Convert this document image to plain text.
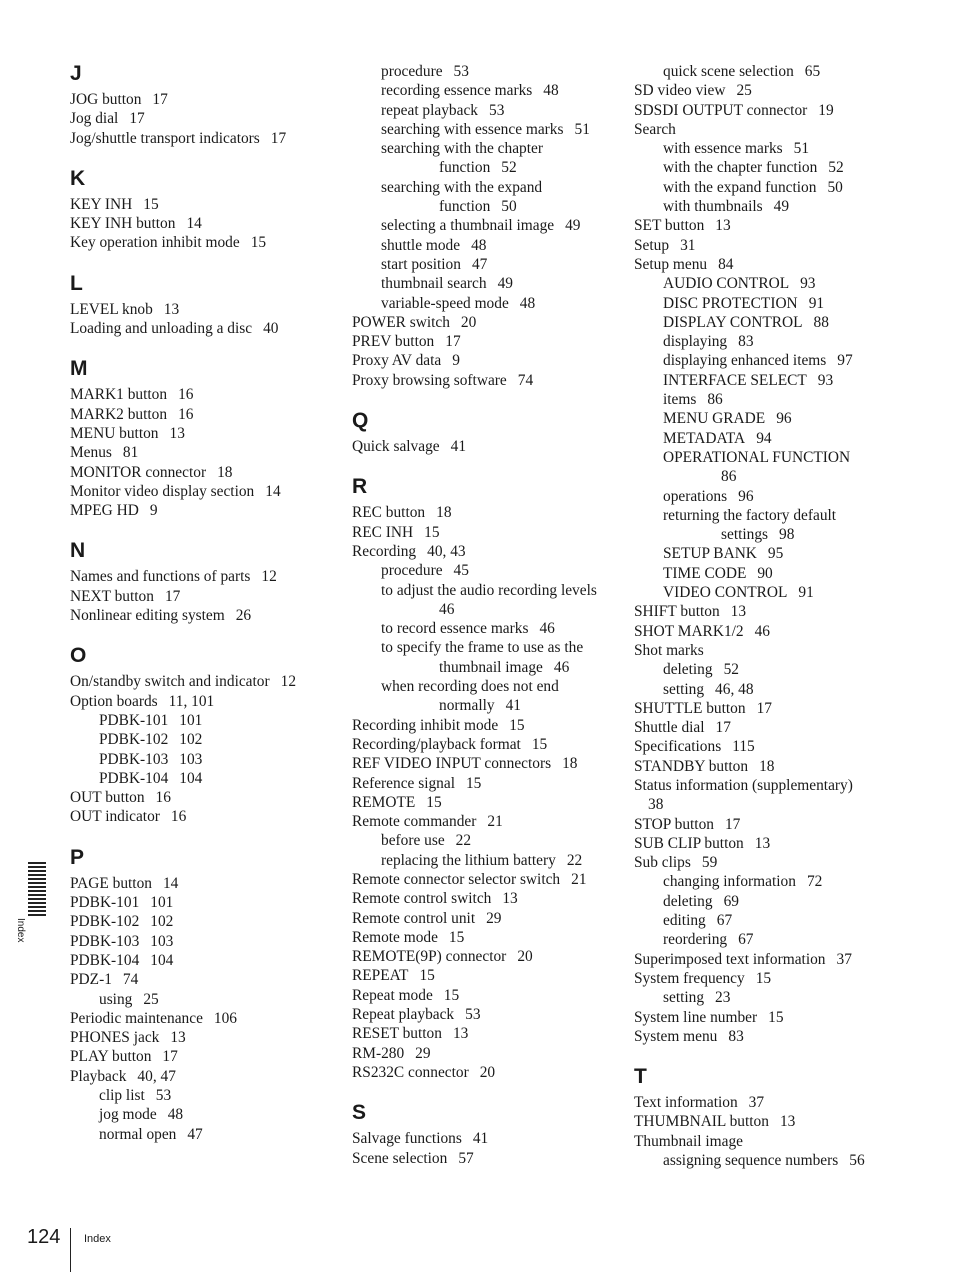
J
JOG button 17
Jog dial 17
Jog/shuttle transport indicators 17
K
KEY INH 15
KEY INH button 14
Key operation inhibit mode 15
L
LEVEL knob 13
Loading and unloading a disc 40
M
MARK1 button 16
MARK2 button 16
MENU button 13
Menus 81
MONITOR connector 18
Monitor video display section 14
MPEG HD 9
N
Names and functions of parts 12
NEXT button 17
Nonlinear editing system 26
O
On/standby switch and indicator 12
Option boards 11, 101
PDBK-101 101
PDBK-102 102
PDBK-103 103
PDBK-104 104
OUT button 16
OUT indicator 16
P
PAGE button 14
PDBK-101 101
PDBK-102 102
PDBK-103 103
PDBK-104 104
PDZ-1 74
using 25
Periodic maintenance 106
PHONES jack 13
PLAY button 17
Playback 40, 47
clip list 53
jog mode 48
normal open 47
procedure 53
recording essence marks 48
repeat playback 53
searching with essence marks 51
searching with the chapter
function 52
searching with the expand
function 50
selecting a thumbnail image 49
shuttle mode 48
start position 47
thumbnail search 49
variable-speed mode 48
POWER switch 20
PREV button 17
Proxy AV data 9
Proxy browsing software 74
Q
Quick salvage 41
R
REC button 18
REC INH 15
Recording 40, 43
procedure 45
to adjust the audio recording levels
46
to record essence marks 46
to specify the frame to use as the
thumbnail image 46
when recording does not end
normally 41
Recording inhibit mode 15
Recording/playback format 15
REF VIDEO INPUT connectors 18
Reference signal 15
REMOTE 15
Remote commander 21
before use 22
replacing the lithium battery 22
Remote connector selector switch 21
Remote control switch 13
Remote control unit 29
Remote mode 15
REMOTE(9P) connector 20
REPEAT 15
Repeat mode 15
Repeat playback 53
RESET button 13
RM-280 29
RS232C connector 20
S
Salvage functions 41
Scene selection 57
quick scene selection 65
SD video view 25
SDSDI OUTPUT connector 19
Search
with essence marks 51
with the chapter function 52
with the expand function 50
with thumbnails 49
SET button 13
Setup 31
Setup menu 84
AUDIO CONTROL 93
DISC PROTECTION 91
DISPLAY CONTROL 88
displaying 83
displaying enhanced items 97
INTERFACE SELECT 93
items 86
MENU GRADE 96
METADATA 94
OPERATIONAL FUNCTION
86
operations 96
returning the factory default
settings 98
SETUP BANK 95
TIME CODE 90
VIDEO CONTROL 91
SHIFT button 13
SHOT MARK1/2 46
Shot marks
deleting 52
setting 46, 48
SHUTTLE button 17
Shuttle dial 17
Specifications 115
STANDBY button 18
Status information (supplementary)
38
STOP button 17
SUB CLIP button 13
Sub clips 59
changing information 72
deleting 69
editing 67
reordering 67
Superimposed text information 37
System frequency 15
setting 23
System line number 15
System menu 83
T
Text information 37
THUMBNAIL button 13
Thumbnail image
assigning sequence numbers 56
Index
124 Index
